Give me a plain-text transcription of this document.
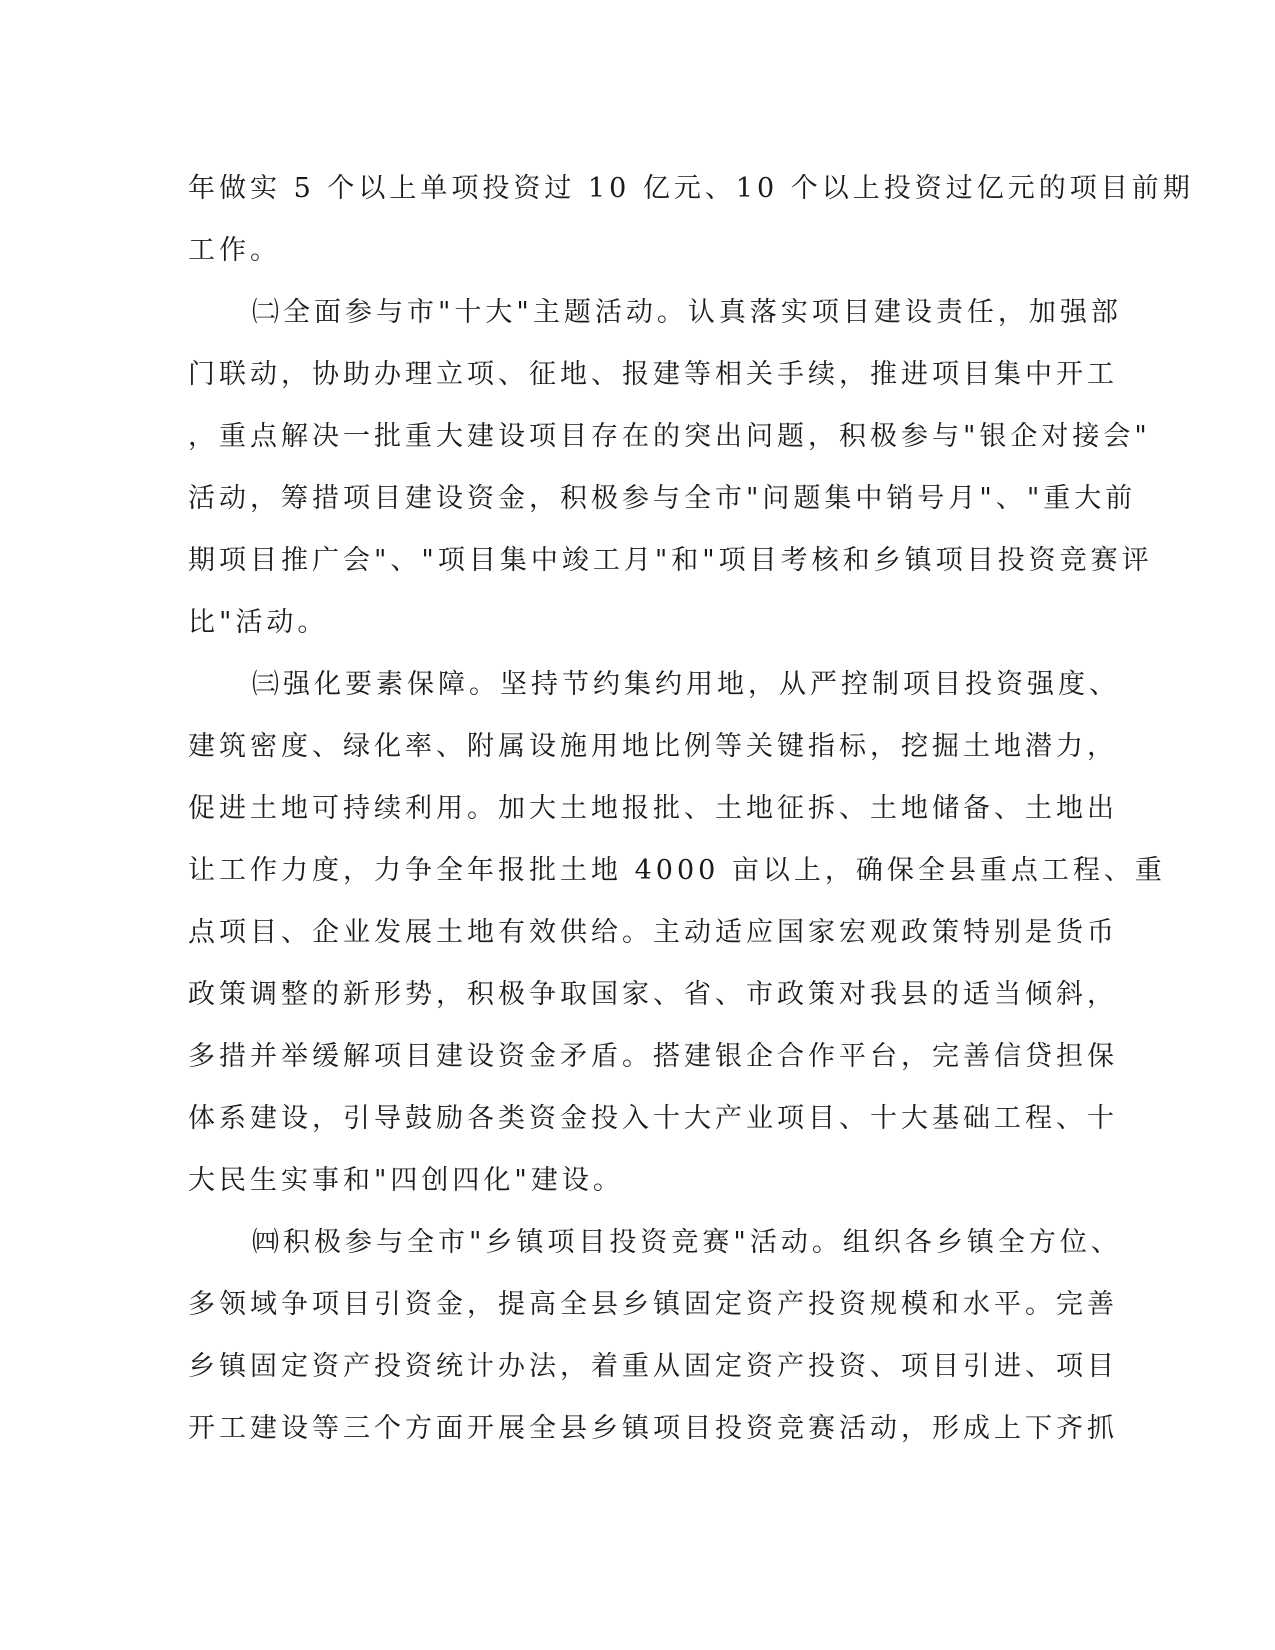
年做实 5 个以上单项投资过 10 亿元、10 个以上投资过亿元的项目前期
工作。
㈡全面参与市"十大"主题活动。认真落实项目建设责任，加强部
门联动，协助办理立项、征地、报建等相关手续，推进项目集中开工
，重点解决一批重大建设项目存在的突出问题，积极参与"银企对接会"
活动，筹措项目建设资金，积极参与全市"问题集中销号月"、"重大前
期项目推广会"、"项目集中竣工月"和"项目考核和乡镇项目投资竞赛评
比"活动。
㈢强化要素保障。坚持节约集约用地，从严控制项目投资强度、
建筑密度、绿化率、附属设施用地比例等关键指标，挖掘土地潜力，
促进土地可持续利用。加大土地报批、土地征拆、土地储备、土地出
让工作力度，力争全年报批土地 4000 亩以上，确保全县重点工程、重
点项目、企业发展土地有效供给。主动适应国家宏观政策特别是货币
政策调整的新形势，积极争取国家、省、市政策对我县的适当倾斜，
多措并举缓解项目建设资金矛盾。搭建银企合作平台，完善信贷担保
体系建设，引导鼓励各类资金投入十大产业项目、十大基础工程、十
大民生实事和"四创四化"建设。
㈣积极参与全市"乡镇项目投资竞赛"活动。组织各乡镇全方位、
多领域争项目引资金，提高全县乡镇固定资产投资规模和水平。完善
乡镇固定资产投资统计办法，着重从固定资产投资、项目引进、项目
开工建设等三个方面开展全县乡镇项目投资竞赛活动，形成上下齐抓
